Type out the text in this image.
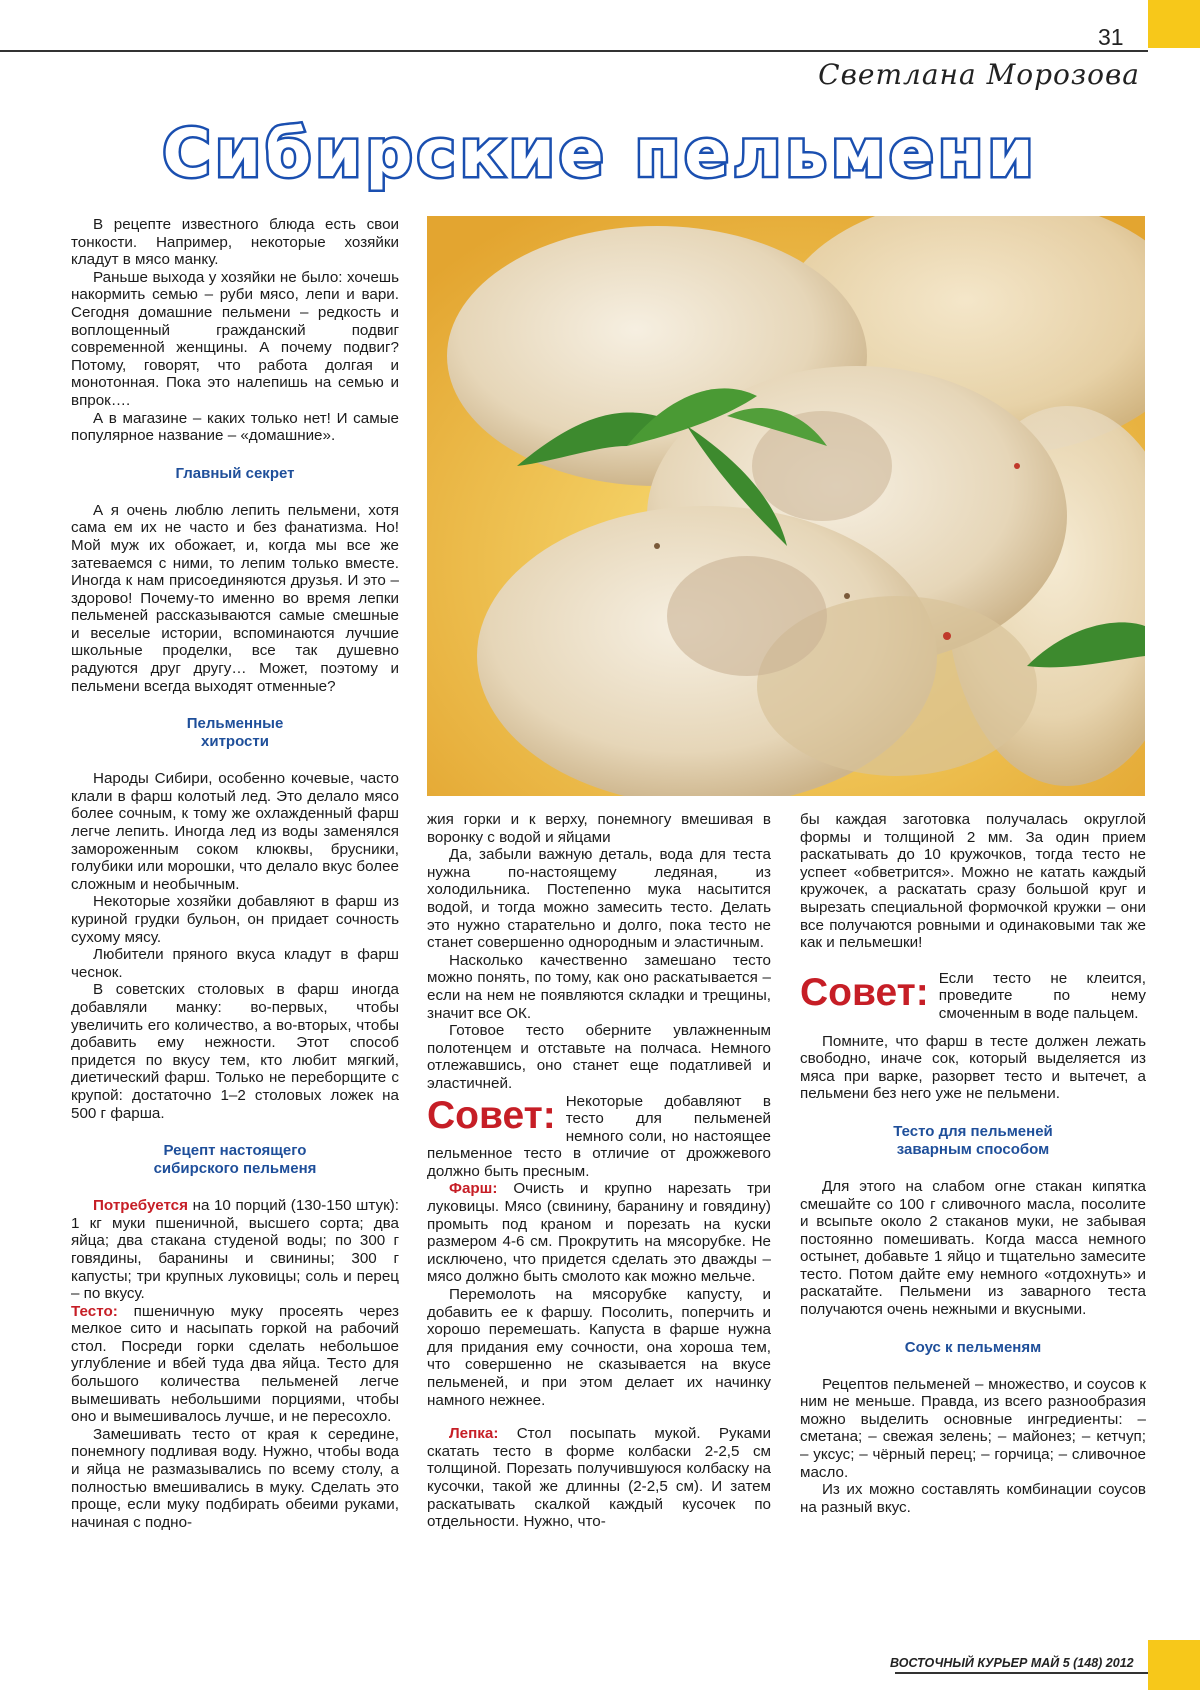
31
Светлана Морозова
Сибирские пельмени

В рецепте известного блюда есть свои тонкости. Например, некоторые хозяйки кладут в мясо манку.

Раньше выхода у хозяйки не было: хочешь накормить семью – руби мясо, лепи и вари. Сегодня домашние пельмени – редкость и воплощенный гражданский подвиг современной женщины. А почему подвиг? Потому, говорят, что работа долгая и монотонная. Пока это налепишь на семью и впрок….

А в магазине – каких только нет! И самые популярное название – «домашние».

Главный секрет

А я очень люблю лепить пельмени, хотя сама ем их не часто и без фанатизма. Но! Мой муж их обожает, и, когда мы все же затеваемся с ними, то лепим только вместе. Иногда к нам присоединяются друзья. И это – здорово! Почему-то именно во время лепки пельменей рассказываются самые смешные и веселые истории, вспоминаются лучшие школьные проделки, все так душевно радуются друг другу… Может, поэтому и пельмени всегда выходят отменные?

Пельменные
хитрости

Народы Сибири, особенно кочевые, часто клали в фарш колотый лед. Это делало мясо более сочным, к тому же охлажденный фарш легче лепить. Иногда лед из воды заменялся замороженным соком клюквы, брусники, голубики или морошки, что делало вкус более сложным и необычным.

Некоторые хозяйки добавляют в фарш из куриной грудки бульон, он придает сочность сухому мясу.

Любители пряного вкуса кладут в фарш чеснок.

В советских столовых в фарш иногда добавляли манку: во-первых, чтобы увеличить его количество, а во-вторых, чтобы добавить ему нежности. Этот способ придется по вкусу тем, кто любит мягкий, диетический фарш. Только не переборщите с крупой: достаточно 1–2 столовых ложек на 500 г фарша.

Рецепт настоящего
сибирского пельменя

Потребуется на 10 порций (130-150 штук): 1 кг муки пшеничной, высшего сорта; два яйца; два стакана студеной воды; по 300 г говядины, баранины и свинины; 300 г капусты; три крупных луковицы; соль и перец – по вкусу.

Тесто: пшеничную муку просеять через мелкое сито и насыпать горкой на рабочий стол. Посреди горки сделать небольшое углубление и вбей туда два яйца. Тесто для большого количества пельменей легче вымешивать небольшими порциями, чтобы оно и вымешивалось лучше, и не пересохло.

Замешивать тесто от края к середине, понемногу подливая воду. Нужно, чтобы вода и яйца не размазывались по всему столу, а полностью вмешивались в муку. Сделать это проще, если муку подбирать обеими руками, начиная с подно-

жия горки и к верху, понемногу вмешивая в воронку с водой и яйцами

Да, забыли важную деталь, вода для теста нужна по-настоящему ледяная, из холодильника. Постепенно мука насытится водой, и тогда можно замесить тесто. Делать это нужно старательно и долго, пока тесто не станет совершенно однородным и эластичным.

Насколько качественно замешано тесто можно понять, по тому, как оно раскатывается – если на нем не появляются складки и трещины, значит все ОК.

Готовое тесто оберните увлажненным полотенцем и отставьте на полчаса. Немного отлежавшись, оно станет еще податливей и эластичней.

Совет: Некоторые добавляют в тесто для пельменей немного соли, но настоящее пельменное тесто в отличие от дрожжевого должно быть пресным.

Фарш: Очисть и крупно нарезать три луковицы. Мясо (свинину, баранину и говядину) промыть под краном и порезать на куски размером 4-6 см. Прокрутить на мясорубке. Не исключено, что придется сделать это дважды – мясо должно быть смолото как можно мельче.

Перемолоть на мясорубке капусту, и добавить ее к фаршу. Посолить, поперчить и хорошо перемешать. Капуста в фарше нужна для придания ему сочности, она хороша тем, что совершенно не сказывается на вкусе пельменей, и при этом делает их начинку намного нежнее.

Лепка: Стол посыпать мукой. Руками скатать тесто в форме колбаски 2-2,5 см толщиной. Порезать получившуюся колбаску на кусочки, такой же длинны (2-2,5 см). И затем раскатывать скалкой каждый кусочек по отдельности. Нужно, что-

бы каждая заготовка получалась округлой формы и толщиной 2 мм. За один прием раскатывать до 10 кружочков, тогда тесто не успеет «обветрится». Можно не катать каждый кружочек, а раскатать сразу большой круг и вырезать специальной формочкой кружки – они все получаются ровными и одинаковыми так же как и пельмешки!

Совет: Если тесто не клеится, проведите по нему смоченным в воде пальцем.

Помните, что фарш в тесте должен лежать свободно, иначе сок, который выделяется из мяса при варке, разорвет тесто и вытечет, а пельмени без него уже не пельмени.

Тесто для пельменей
заварным способом

Для этого на слабом огне стакан кипятка смешайте со 100 г сливочного масла, посолите и всыпьте около 2 стаканов муки, не забывая постоянно помешивать. Когда масса немного остынет, добавьте 1 яйцо и тщательно замесите тесто. Потом дайте ему немного «отдохнуть» и раскатайте. Пельмени из заварного теста получаются очень нежными и вкусными.

Соус к пельменям

Рецептов пельменей – множество, и соусов к ним не меньше. Правда, из всего разнообразия можно выделить основные ингредиенты: – сметана; – свежая зелень; – майонез; – кетчуп; – уксус; – чёрный перец; – горчица; – сливочное масло.

Из их можно составлять комбинации соусов на разный вкус.

ВОСТОЧНЫЙ КУРЬЕР МАЙ 5 (148) 2012
